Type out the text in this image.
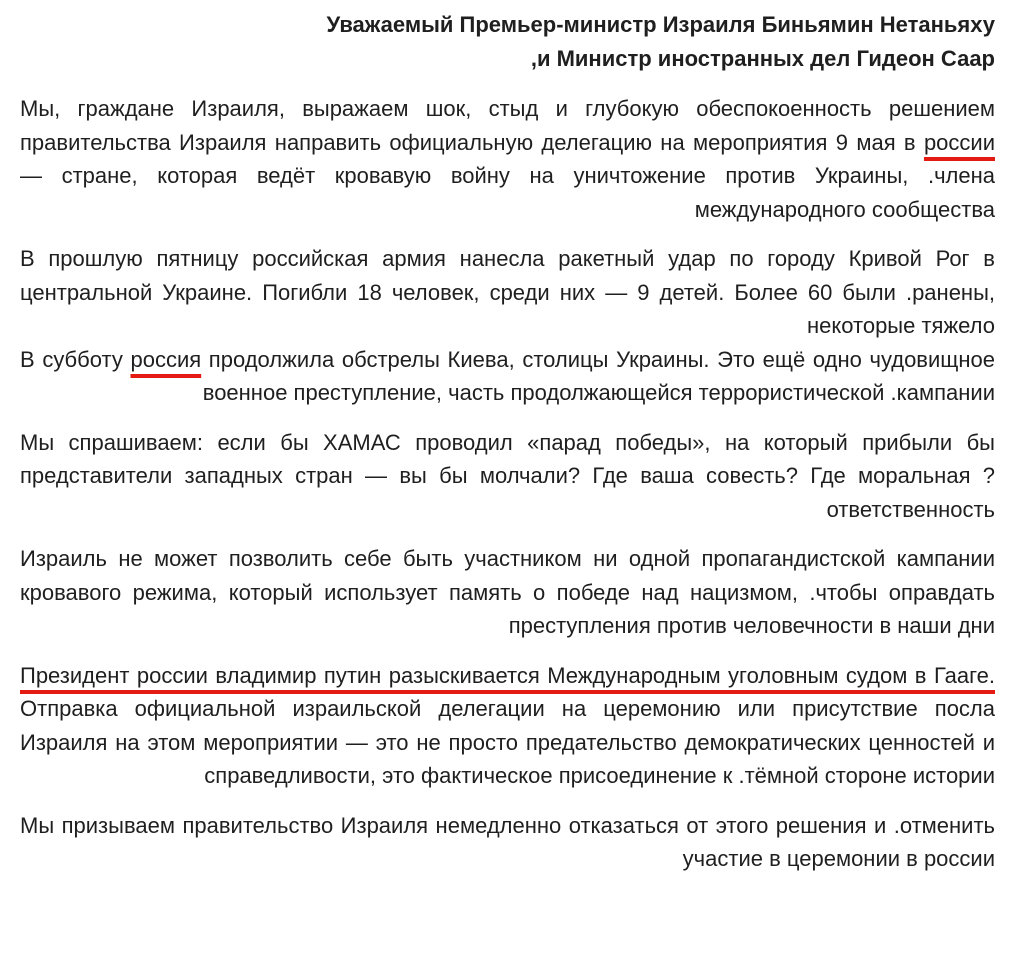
Уважаемый Премьер-министр Израиля Биньямин Нетаньяху
,и Министр иностранных дел Гидеон Саар

Мы, граждане Израиля, выражаем шок, стыд и глубокую обеспокоенность решением правительства Израиля направить официальную делегацию на мероприятия 9 мая в россии — стране, которая ведёт кровавую войну на уничтожение против Украины, .члена международного сообщества

В прошлую пятницу российская армия нанесла ракетный удар по городу Кривой Рог в центральной Украине. Погибли 18 человек, среди них — 9 детей. Более 60 были .ранены, некоторые тяжело

В субботу россия продолжила обстрелы Киева, столицы Украины. Это ещё одно чудовищное военное преступление, часть продолжающейся террористической .кампании

Мы спрашиваем: если бы ХАМАС проводил «парад победы», на который прибыли бы представители западных стран — вы бы молчали? Где ваша совесть? Где моральная ?ответственность

Израиль не может позволить себе быть участником ни одной пропагандистской кампании кровавого режима, который использует память о победе над нацизмом, .чтобы оправдать преступления против человечности в наши дни

Президент россии владимир путин разыскивается Международным уголовным судом в Гааге. Отправка официальной израильской делегации на церемонию или присутствие посла Израиля на этом мероприятии — это не просто предательство демократических ценностей и справедливости, это фактическое присоединение к .тёмной стороне истории

Мы призываем правительство Израиля немедленно отказаться от этого решения и .отменить участие в церемонии в россии
